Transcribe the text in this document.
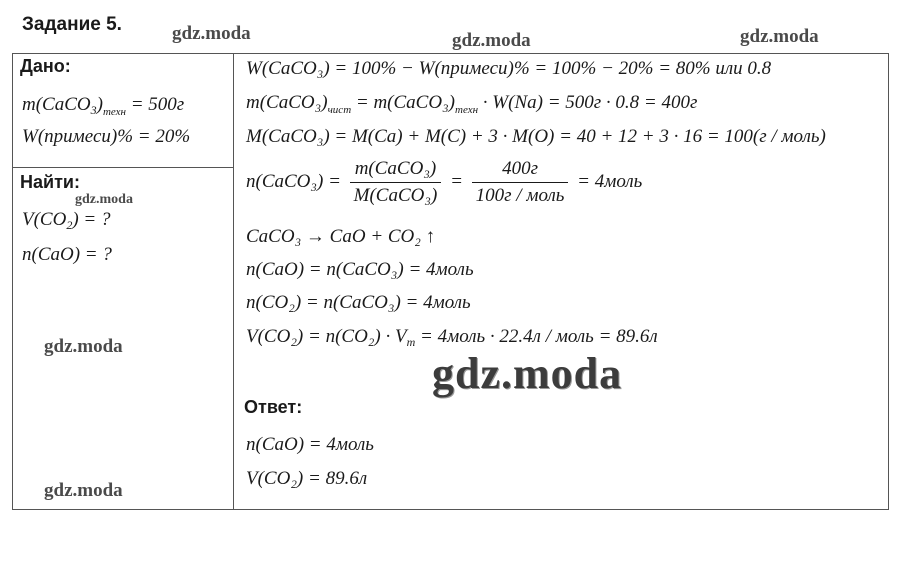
Задание 5.
Дано:
$m(CaCO_3)_{техн} = 500г$
W(примеси)% = 20%
Найти:
$V(CO_2)$ = ?
n(CaO) = ?
W(CaCO₃) = 100% − W(примеси)% = 100% − 20% = 80% или 0.8
$m(CaCO_3)_{чист}$ = $m(CaCO_3)_{техн} \cdot W(Na) = 500г \cdot 0.8 = 400г$
M(CaCO₃) = M(Ca) + M(C) + 3 · M(O) = 40 + 12 + 3 · 16 = 100(г / моль)
n(CaCO₃) = $\frac{\text{m(CaCO₃)}}{\text{M(CaCO₃)}} = \frac{400г}{\text{100г / моль}}$ = 4моль
CaCO₃ → CaO + CO₂ ↑
n(CaO) = n(CaCO₃) = 4моль
n(CO₂) = n(CaCO₃) = 4моль
$V(CO_2) = n(CO_2) \cdot V_m$ = 4моль · 22.4л / моль = 89.6л
Ответ:
n(CaO) = 4моль
V(CO₂) = 89.6л
gdz.moda	gdz.moda	gdz.moda
gdz.moda
gdz.moda
gdz.moda
gdz.moda
